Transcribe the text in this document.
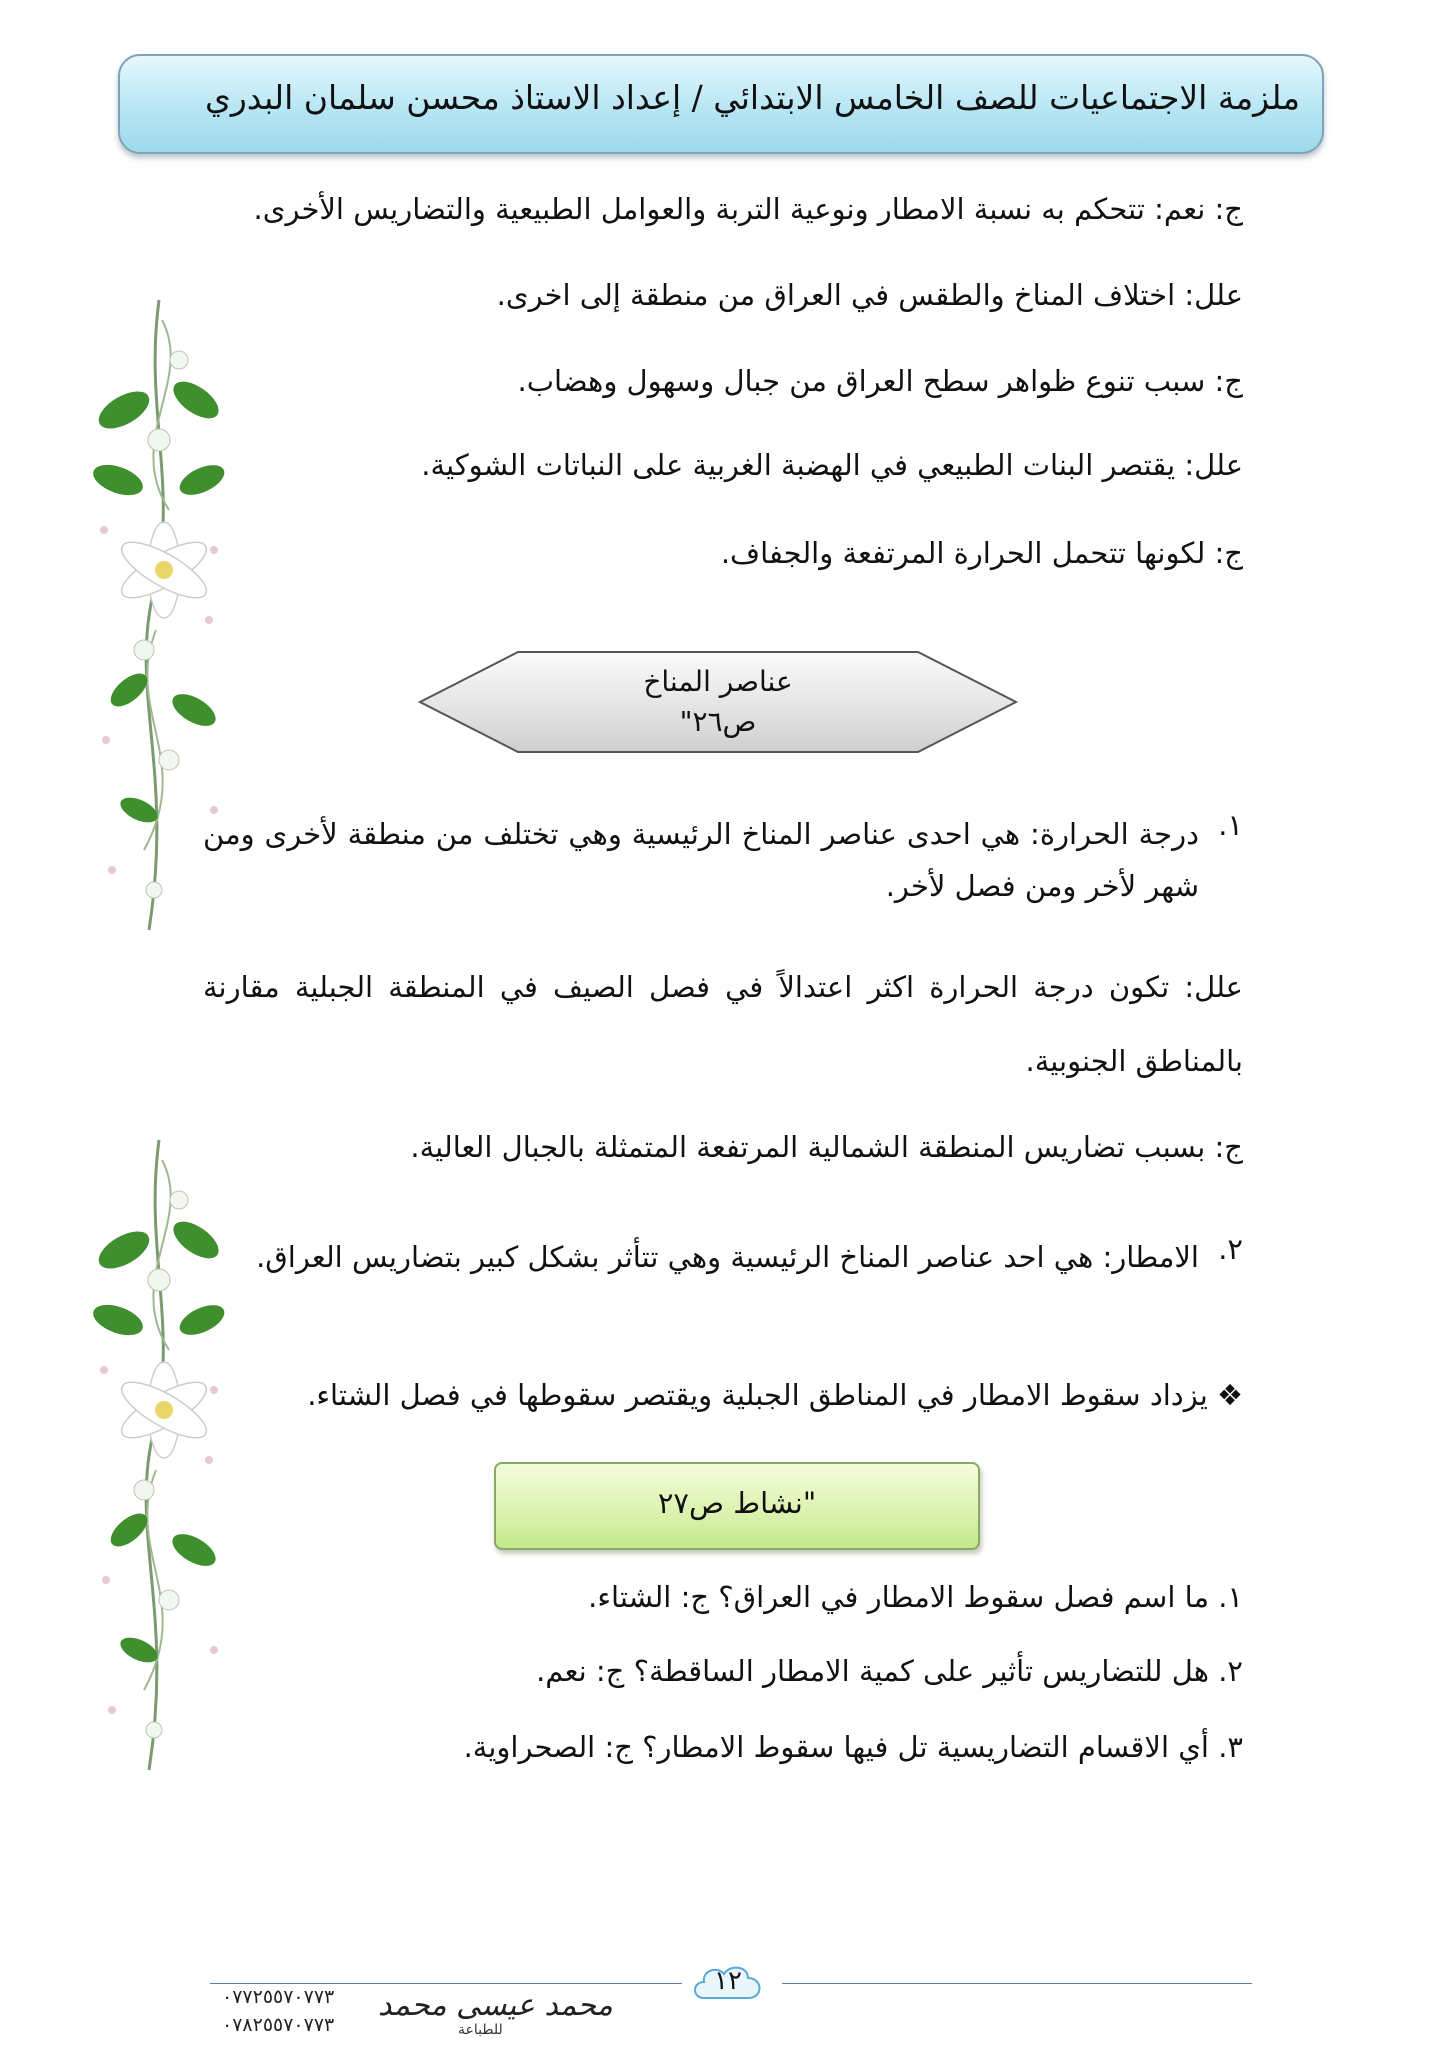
ملزمة الاجتماعيات للصف الخامس الابتدائي / إعداد الاستاذ محسن سلمان البدري
ج: نعم: تتحكم به نسبة الامطار ونوعية التربة والعوامل الطبيعية والتضاريس الأخرى.
علل: اختلاف المناخ والطقس في العراق من منطقة إلى اخرى.
ج: سبب تنوع ظواهر سطح العراق من جبال وسهول وهضاب.
علل: يقتصر البنات الطبيعي في الهضبة الغربية على النباتات الشوكية.
ج: لكونها تتحمل الحرارة المرتفعة والجفاف.
عناصر المناخ
ص٢٦"
١.
درجة الحرارة: هي احدى عناصر المناخ الرئيسية وهي تختلف من منطقة لأخرى ومن شهر لأخر ومن فصل لأخر.
علل: تكون درجة الحرارة اكثر اعتدالاً في فصل الصيف في المنطقة الجبلية مقارنة بالمناطق الجنوبية.
ج: بسبب تضاريس المنطقة الشمالية المرتفعة المتمثلة بالجبال العالية.
٢.
الامطار: هي احد عناصر المناخ الرئيسية وهي تتأثر بشكل كبير بتضاريس العراق.
❖ يزداد سقوط الامطار في المناطق الجبلية ويقتصر سقوطها في فصل الشتاء.
"نشاط ص٢٧
١. ما اسم فصل سقوط الامطار في العراق؟ ج: الشتاء.
٢. هل للتضاريس تأثير على كمية الامطار الساقطة؟ ج: نعم.
٣. أي الاقسام التضاريسية تل فيها سقوط الامطار؟ ج: الصحراوية.
١٢
محمد عيسى محمد
للطباعة
٠٧٧٢٥٥٧٠٧٧٣
٠٧٨٢٥٥٧٠٧٧٣
